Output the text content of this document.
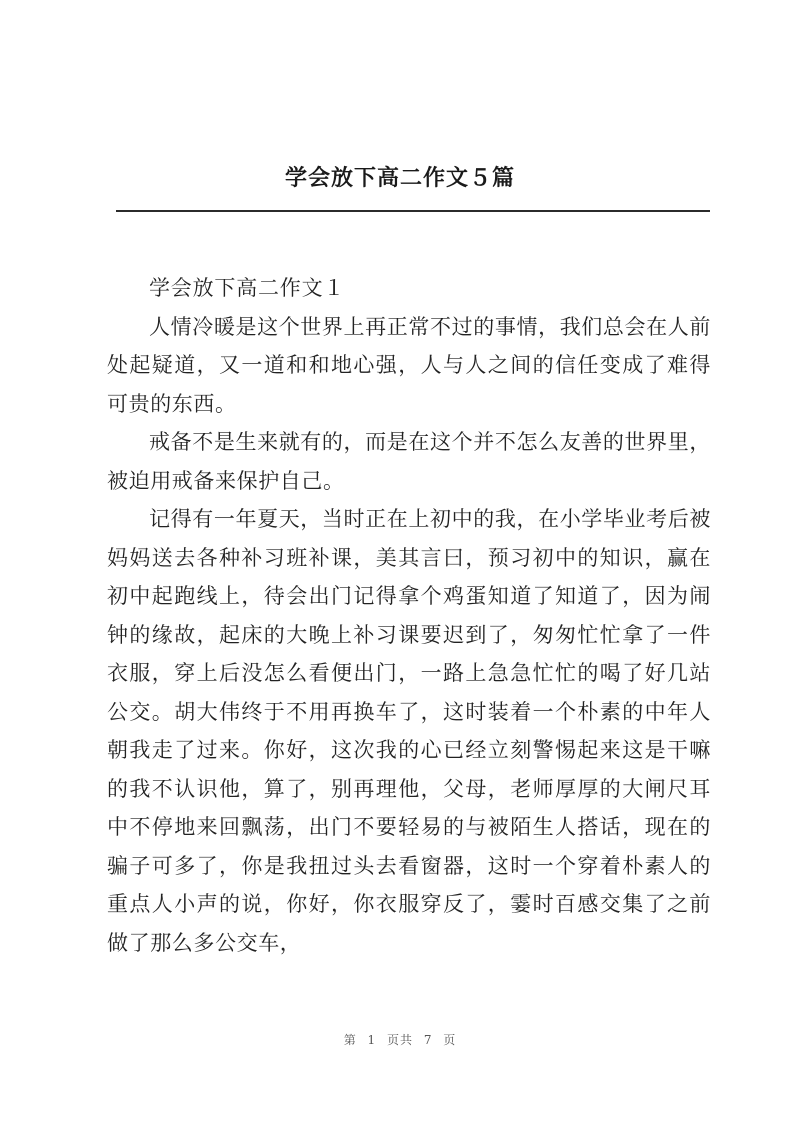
学会放下高二作文５篇

学会放下高二作文１

人情冷暖是这个世界上再正常不过的事情，我们总会在人前处起疑道，又一道和和地心强，人与人之间的信任变成了难得可贵的东西。

戒备不是生来就有的，而是在这个并不怎么友善的世界里，被迫用戒备来保护自己。

记得有一年夏天，当时正在上初中的我，在小学毕业考后被妈妈送去各种补习班补课，美其言曰，预习初中的知识，赢在初中起跑线上，待会出门记得拿个鸡蛋知道了知道了，因为闹钟的缘故，起床的大晚上补习课要迟到了，匆匆忙忙拿了一件衣服，穿上后没怎么看便出门，一路上急急忙忙的喝了好几站公交。胡大伟终于不用再换车了，这时装着一个朴素的中年人朝我走了过来。你好，这次我的心已经立刻警惕起来这是干嘛的我不认识他，算了，别再理他，父母，老师厚厚的大闸尺耳中不停地来回飘荡，出门不要轻易的与被陌生人搭话，现在的骗子可多了，你是我扭过头去看窗器，这时一个穿着朴素人的重点人小声的说，你好，你衣服穿反了，霎时百感交集了之前做了那么多公交车，

第 1 页共 7 页
